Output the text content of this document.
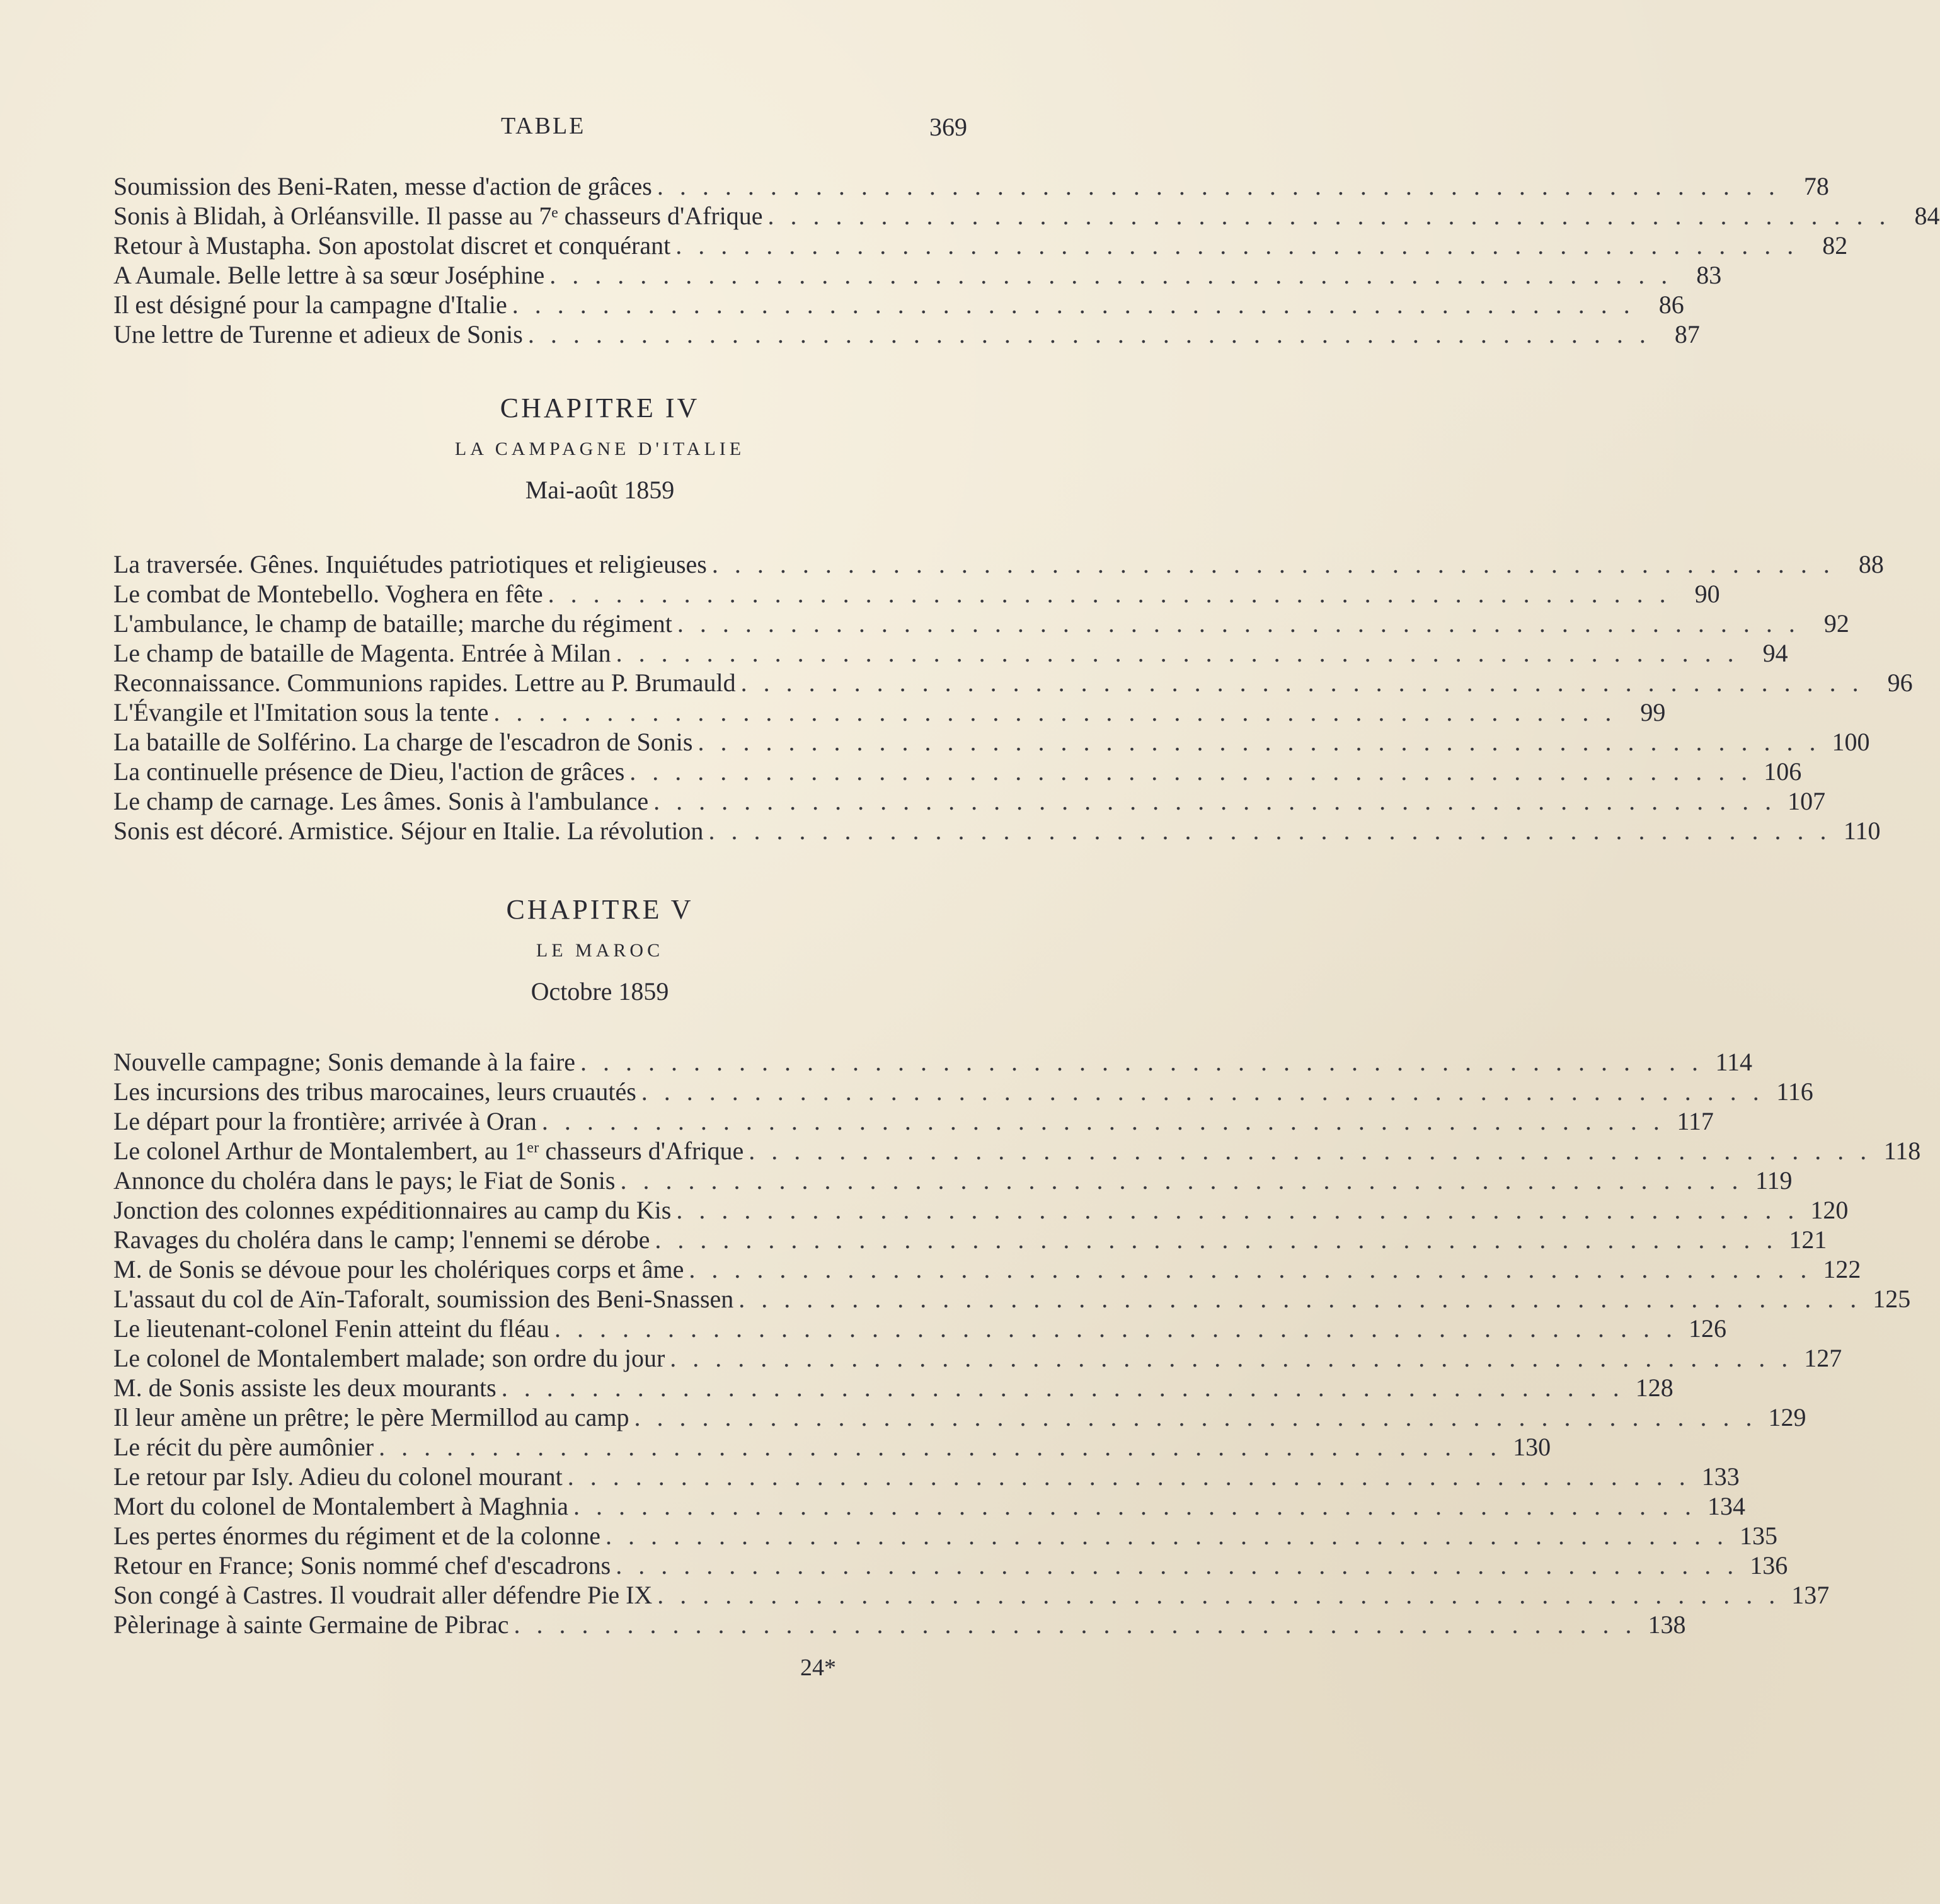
TABLE	369
Soumission des Beni-Raten, messe d'action de grâces . . .	78
Sonis à Blidah, à Orléansville. Il passe au 7ᵉ chasseurs d'Afrique . . .	84
Retour à Mustapha. Son apostolat discret et conquérant . . .	82
A Aumale. Belle lettre à sa sœur Joséphine . . .	83
Il est désigné pour la campagne d'Italie . . .	86
Une lettre de Turenne et adieux de Sonis . . .	87
CHAPITRE IV
LA CAMPAGNE D'ITALIE
Mai-août 1859
La traversée. Gênes. Inquiétudes patriotiques et religieuses . . .	88
Le combat de Montebello. Voghera en fête . . .	90
L'ambulance, le champ de bataille; marche du régiment . . .	92
Le champ de bataille de Magenta. Entrée à Milan . . .	94
Reconnaissance. Communions rapides. Lettre au P. Brumauld . . .	96
L'Évangile et l'Imitation sous la tente . . .	99
La bataille de Solférino. La charge de l'escadron de Sonis . . .	100
La continuelle présence de Dieu, l'action de grâces . . .	106
Le champ de carnage. Les âmes. Sonis à l'ambulance . . .	107
Sonis est décoré. Armistice. Séjour en Italie. La révolution . . .	110
CHAPITRE V
LE MAROC
Octobre 1859
Nouvelle campagne; Sonis demande à la faire . . .	114
Les incursions des tribus marocaines, leurs cruautés . . .	116
Le départ pour la frontière; arrivée à Oran . . .	117
Le colonel Arthur de Montalembert, au 1ᵉʳ chasseurs d'Afrique . . .	118
Annonce du choléra dans le pays; le Fiat de Sonis . . .	119
Jonction des colonnes expéditionnaires au camp du Kis . . .	120
Ravages du choléra dans le camp; l'ennemi se dérobe . . .	121
M. de Sonis se dévoue pour les cholériques corps et âme . . .	122
L'assaut du col de Aïn-Taforalt, soumission des Beni-Snassen . . .	125
Le lieutenant-colonel Fenin atteint du fléau . . .	126
Le colonel de Montalembert malade; son ordre du jour . . .	127
M. de Sonis assiste les deux mourants . . .	128
Il leur amène un prêtre; le père Mermillod au camp . . .	129
Le récit du père aumônier . . .	130
Le retour par Isly. Adieu du colonel mourant . . .	133
Mort du colonel de Montalembert à Maghnia . . .	134
Les pertes énormes du régiment et de la colonne . . .	135
Retour en France; Sonis nommé chef d'escadrons . . .	136
Son congé à Castres. Il voudrait aller défendre Pie IX . . .	137
Pèlerinage à sainte Germaine de Pibrac . . .	138
24*
